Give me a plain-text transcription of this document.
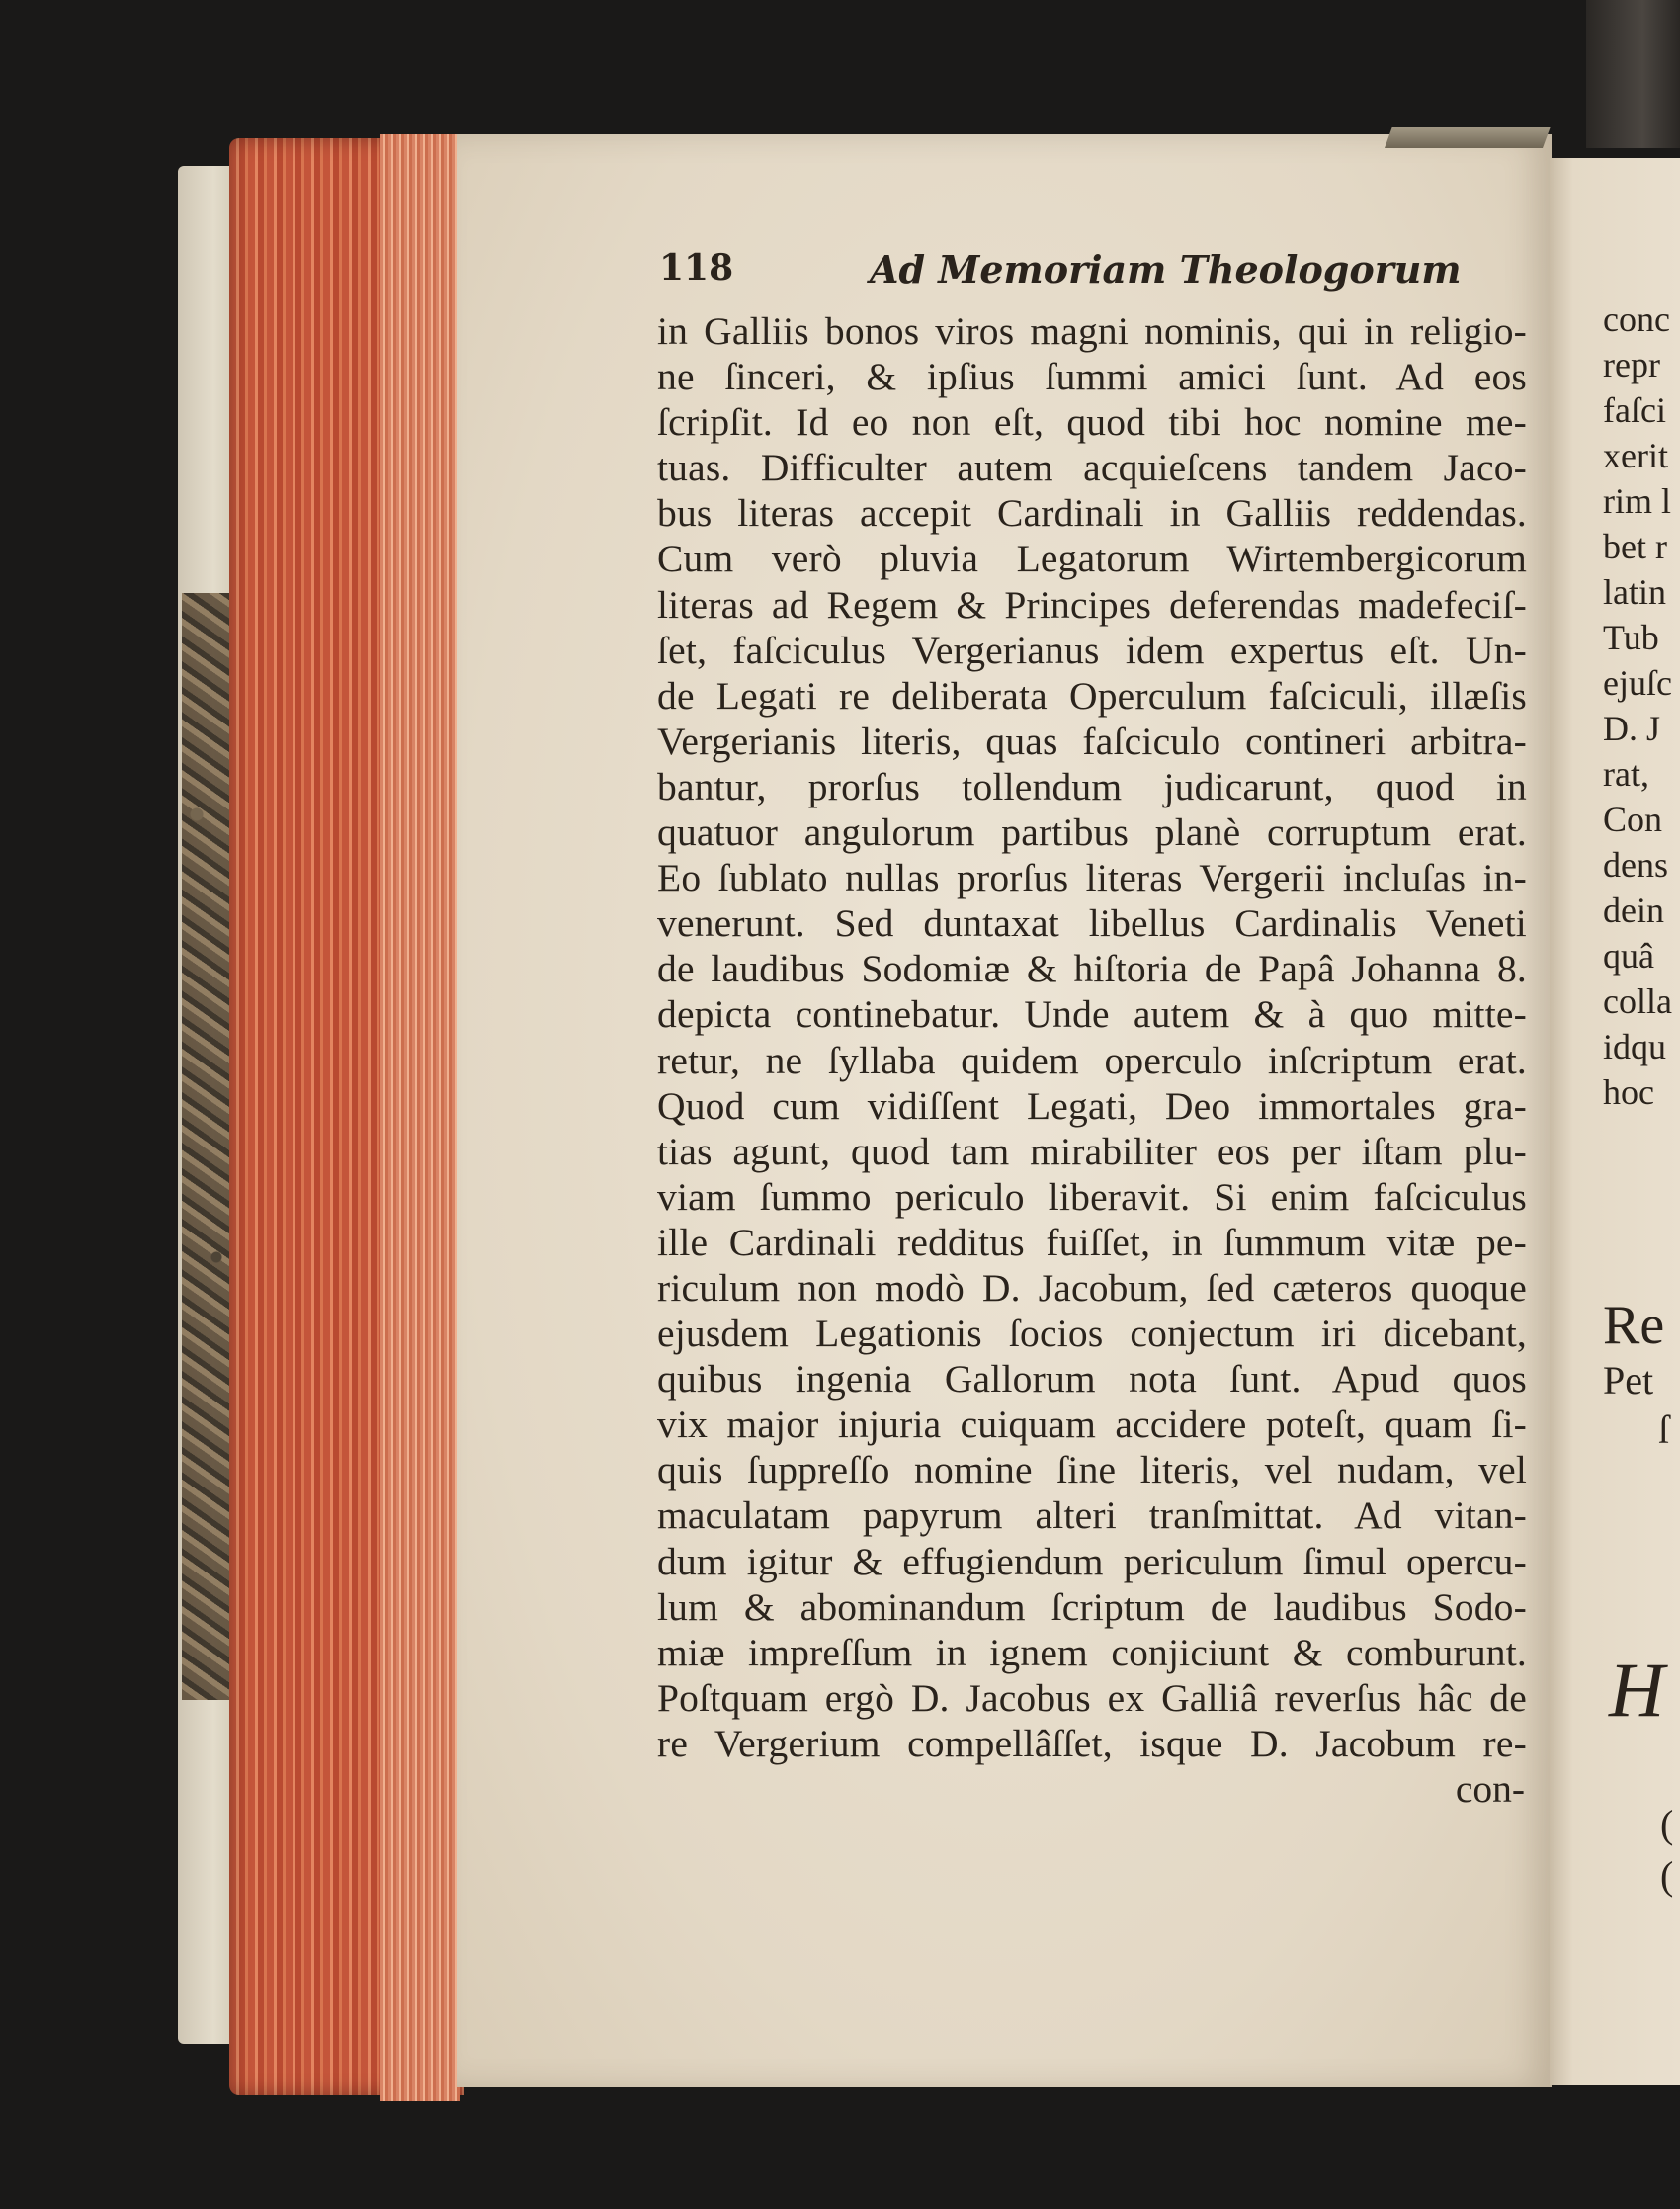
118	Ad Memoriam Theologorum
in Galliis bonos viros magni nominis, qui in religio-
ne ſinceri, & ipſius ſummi amici ſunt. Ad eos
ſcripſit. Id eo non eſt, quod tibi hoc nomine me-
tuas. Difficulter autem acquieſcens tandem Jaco-
bus literas accepit Cardinali in Galliis reddendas.
Cum verò pluvia Legatorum Wirtembergicorum
literas ad Regem & Principes deferendas madefeciſ-
ſet, faſciculus Vergerianus idem expertus eſt. Un-
de Legati re deliberata Operculum faſciculi, illæſis
Vergerianis literis, quas faſciculo contineri arbitra-
bantur, prorſus tollendum judicarunt, quod in
quatuor angulorum partibus planè corruptum erat.
Eo ſublato nullas prorſus literas Vergerii incluſas in-
venerunt. Sed duntaxat libellus Cardinalis Veneti
de laudibus Sodomiæ & hiſtoria de Papâ Johanna 8.
depicta continebatur. Unde autem & à quo mitte-
retur, ne ſyllaba quidem operculo inſcriptum erat.
Quod cum vidiſſent Legati, Deo immortales gra-
tias agunt, quod tam mirabiliter eos per iſtam plu-
viam ſummo periculo liberavit. Si enim faſciculus
ille Cardinali redditus fuiſſet, in ſummum vitæ pe-
riculum non modò D. Jacobum, ſed cæteros quoque
ejusdem Legationis ſocios conjectum iri dicebant,
quibus ingenia Gallorum nota ſunt. Apud quos
vix major injuria cuiquam accidere poteſt, quam ſi-
quis ſuppreſſo nomine ſine literis, vel nudam, vel
maculatam papyrum alteri tranſmittat. Ad vitan-
dum igitur & effugiendum periculum ſimul opercu-
lum & abominandum ſcriptum de laudibus Sodo-
miæ impreſſum in ignem conjiciunt & comburunt.
Poſtquam ergò D. Jacobus ex Galliâ reverſus hâc de
re Vergerium compellâſſet, isque D. Jacobum re-
con-
conc
repr
faſci
xerit
rim l
bet r
latin
Tub
ejuſc
D. J
rat,
Con
dens
dein
quâ
colla
idqu
hoc
Re
Pet
ſ
H
(
(
